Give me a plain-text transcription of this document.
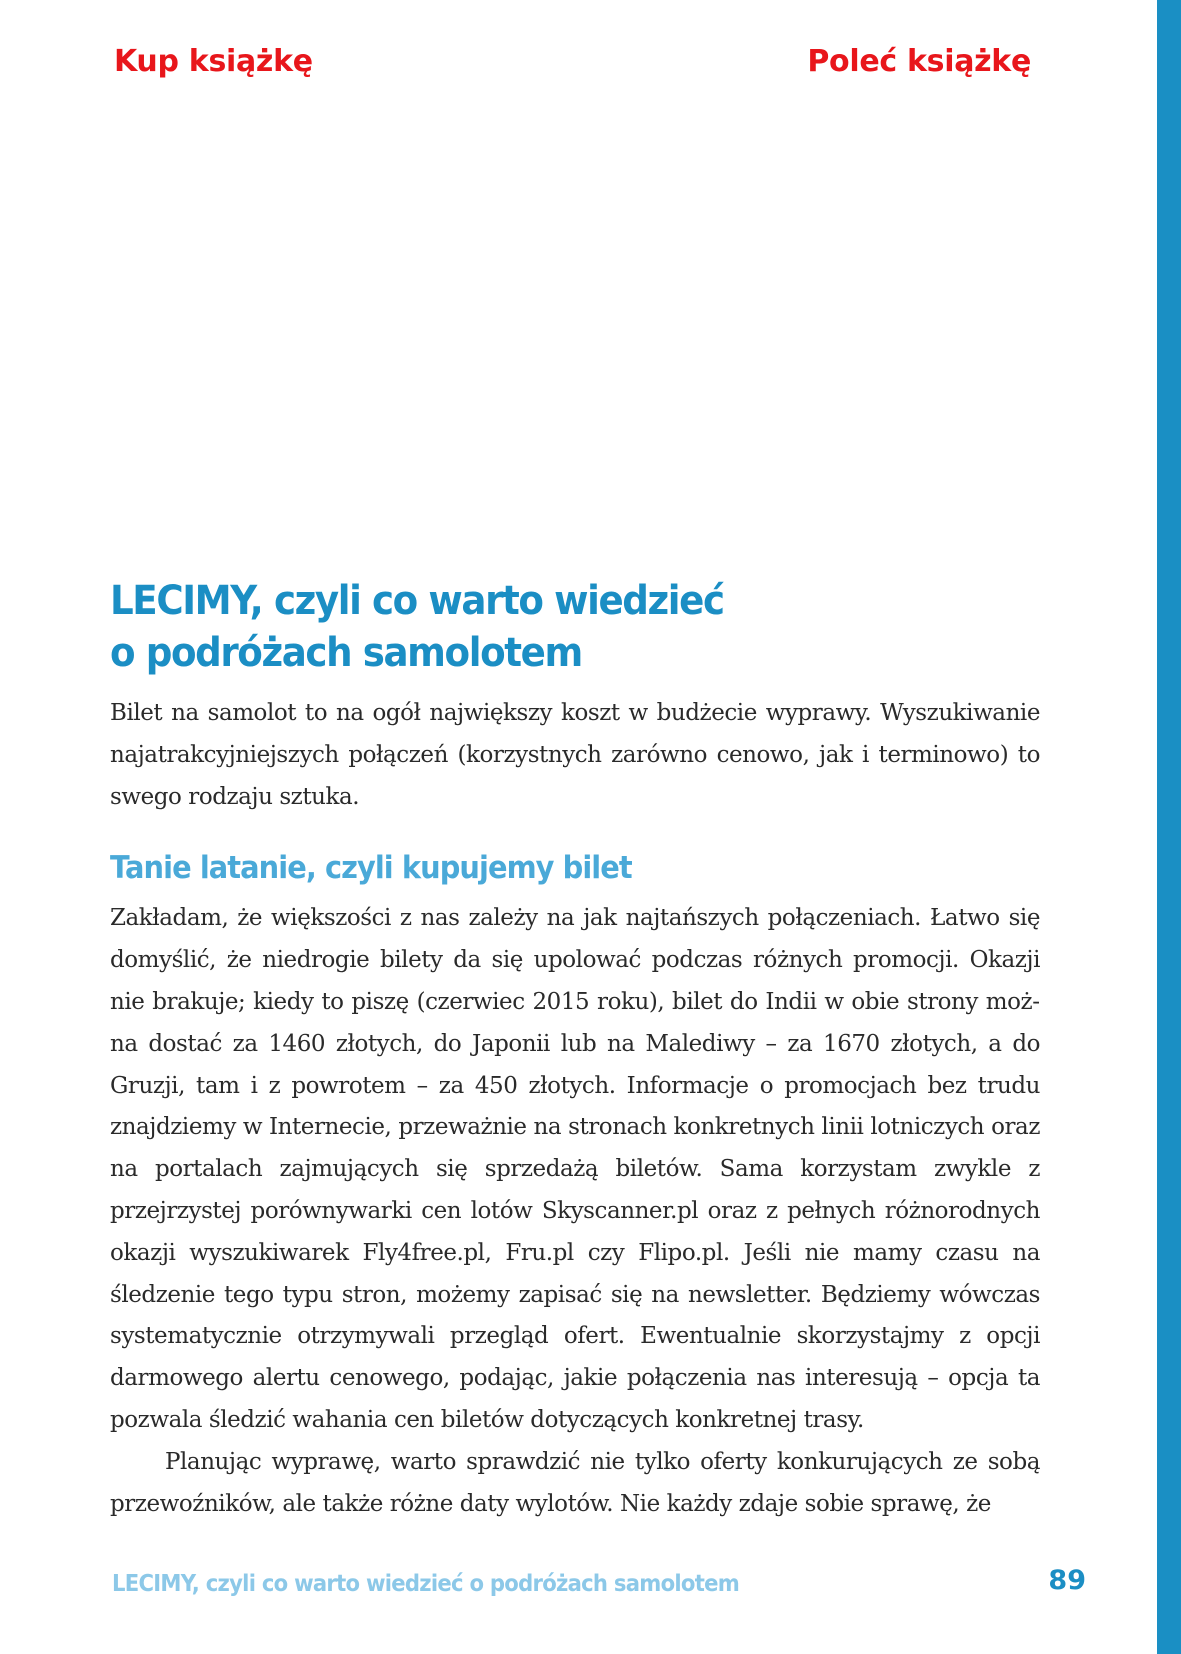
Kup książkę	Poleć książkę
LECIMY, czyli co warto wiedzieć
o podróżach samolotem

Bilet na samolot to na ogół największy koszt w budżecie wyprawy. Wyszukiwanie najatrakcyjniejszych połączeń (korzystnych zarówno cenowo, jak i terminowo) to swego rodzaju sztuka.

Tanie latanie, czyli kupujemy bilet

Zakładam, że większości z nas zależy na jak najtańszych połączeniach. Łatwo się domyślić, że niedrogie bilety da się upolować podczas różnych promocji. Okazji nie brakuje; kiedy to piszę (czerwiec 2015 roku), bilet do Indii w obie strony można dostać za 1460 złotych, do Japonii lub na Malediwy – za 1670 złotych, a do Gruzji, tam i z powrotem – za 450 złotych. Informacje o promocjach bez trudu znajdziemy w Internecie, przeważnie na stronach konkretnych linii lotniczych oraz na portalach zajmujących się sprzedażą biletów. Sama korzystam zwykle z przejrzystej porównywarki cen lotów Skyscanner.pl oraz z pełnych różnorodnych okazji wyszukiwarek Fly4free.pl, Fru.pl czy Flipo.pl. Jeśli nie mamy czasu na śledzenie tego typu stron, możemy zapisać się na newsletter. Będziemy wówczas systematycznie otrzymywali przegląd ofert. Ewentualnie skorzystajmy z opcji darmowego alertu cenowego, podając, jakie połączenia nas interesują – opcja ta pozwala śledzić wahania cen biletów dotyczących konkretnej trasy.

Planując wyprawę, warto sprawdzić nie tylko oferty konkurujących ze sobą przewoźników, ale także różne daty wylotów. Nie każdy zdaje sobie sprawę, że

LECIMY, czyli co warto wiedzieć o podróżach samolotem	89
